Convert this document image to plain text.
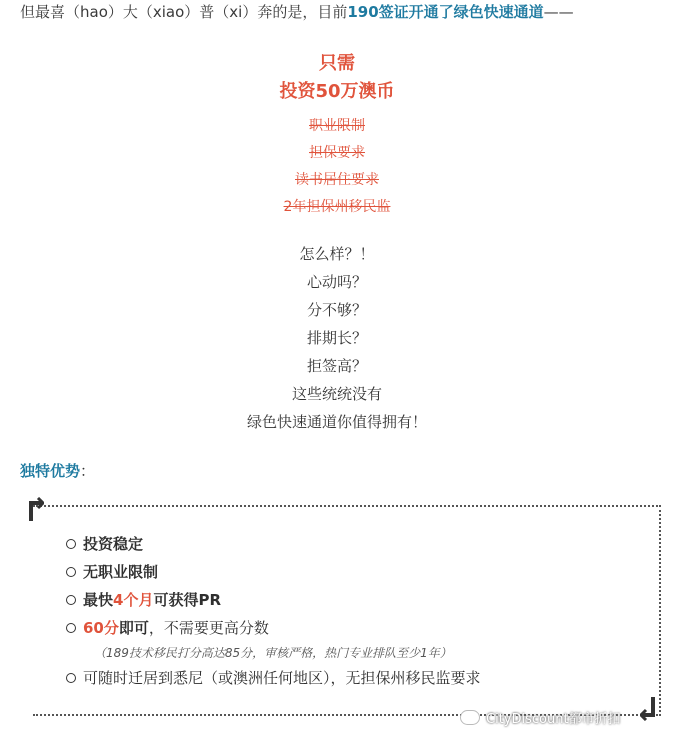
但最喜（hao）大（xiao）普（xi）奔的是，目前190签证开通了绿色快速通道——
只需
投资50万澳币
职业限制
担保要求
读书居住要求
2年担保州移民监
怎么样？！
心动吗？
分不够？
排期长？
拒签高？
这些统统没有
绿色快速通道你值得拥有！
独特优势：
投资稳定
无职业限制
最快4个月可获得PR
60分即可，不需要更高分数
（189技术移民打分高达85分，审核严格，热门专业排队至少1年）
可随时迁居到悉尼（或澳洲任何地区），无担保州移民监要求
CityDiscount都市折扣
